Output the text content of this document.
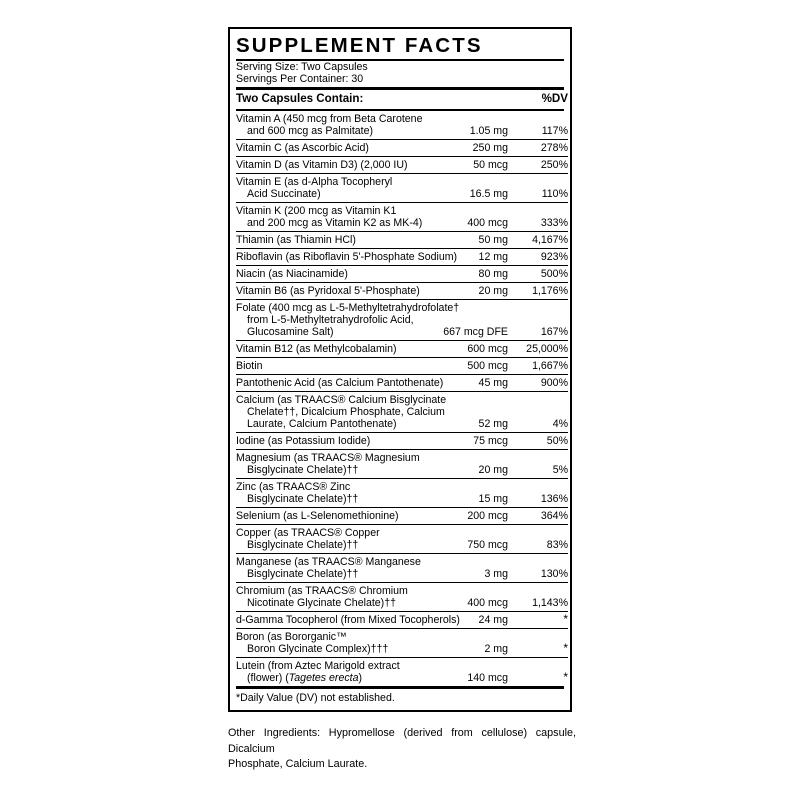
SUPPLEMENT FACTS
Serving Size: Two Capsules
Servings Per Container: 30
Two Capsules Contain:		%DV
Vitamin A (450 mcg from Beta Carotene
and 600 mcg as Palmitate)	1.05 mg	117%

Vitamin C (as Ascorbic Acid)	250 mg	278%

Vitamin D (as Vitamin D3) (2,000 IU)	50 mcg	250%

Vitamin E (as d-Alpha Tocopheryl
Acid Succinate)	16.5 mg	110%

Vitamin K (200 mcg as Vitamin K1
and 200 mcg as Vitamin K2 as MK-4)	400 mcg	333%

Thiamin (as Thiamin HCl)	50 mg	4,167%

Riboflavin (as Riboflavin 5'-Phosphate Sodium)	12 mg	923%

Niacin (as Niacinamide)	80 mg	500%

Vitamin B6 (as Pyridoxal 5'-Phosphate)	20 mg	1,176%

Folate (400 mcg as L-5-Methyltetrahydrofolate†
from L-5-Methyltetrahydrofolic Acid,
Glucosamine Salt)	667 mcg DFE	167%

Vitamin B12 (as Methylcobalamin)	600 mcg	25,000%

Biotin	500 mcg	1,667%

Pantothenic Acid (as Calcium Pantothenate)	45 mg	900%

Calcium (as TRAACS® Calcium Bisglycinate
Chelate††, Dicalcium Phosphate, Calcium
Laurate, Calcium Pantothenate)	52 mg	4%

Iodine (as Potassium Iodide)	75 mcg	50%

Magnesium (as TRAACS® Magnesium
Bisglycinate Chelate)††	20 mg	5%

Zinc (as TRAACS® Zinc
Bisglycinate Chelate)††	15 mg	136%

Selenium (as L-Selenomethionine)	200 mcg	364%

Copper (as TRAACS® Copper
Bisglycinate Chelate)††	750 mcg	83%

Manganese (as TRAACS® Manganese
Bisglycinate Chelate)††	3 mg	130%

Chromium (as TRAACS® Chromium
Nicotinate Glycinate Chelate)††	400 mcg	1,143%

d-Gamma Tocopherol (from Mixed Tocopherols)	24 mg	*

Boron (as Bororganic™
Boron Glycinate Complex)†††	2 mg	*

Lutein (from Aztec Marigold extract
(flower) (Tagetes erecta)	140 mcg	*
*Daily Value (DV) not established.
Other Ingredients: Hypromellose (derived from cellulose) capsule, Dicalcium
Phosphate, Calcium Laurate.
